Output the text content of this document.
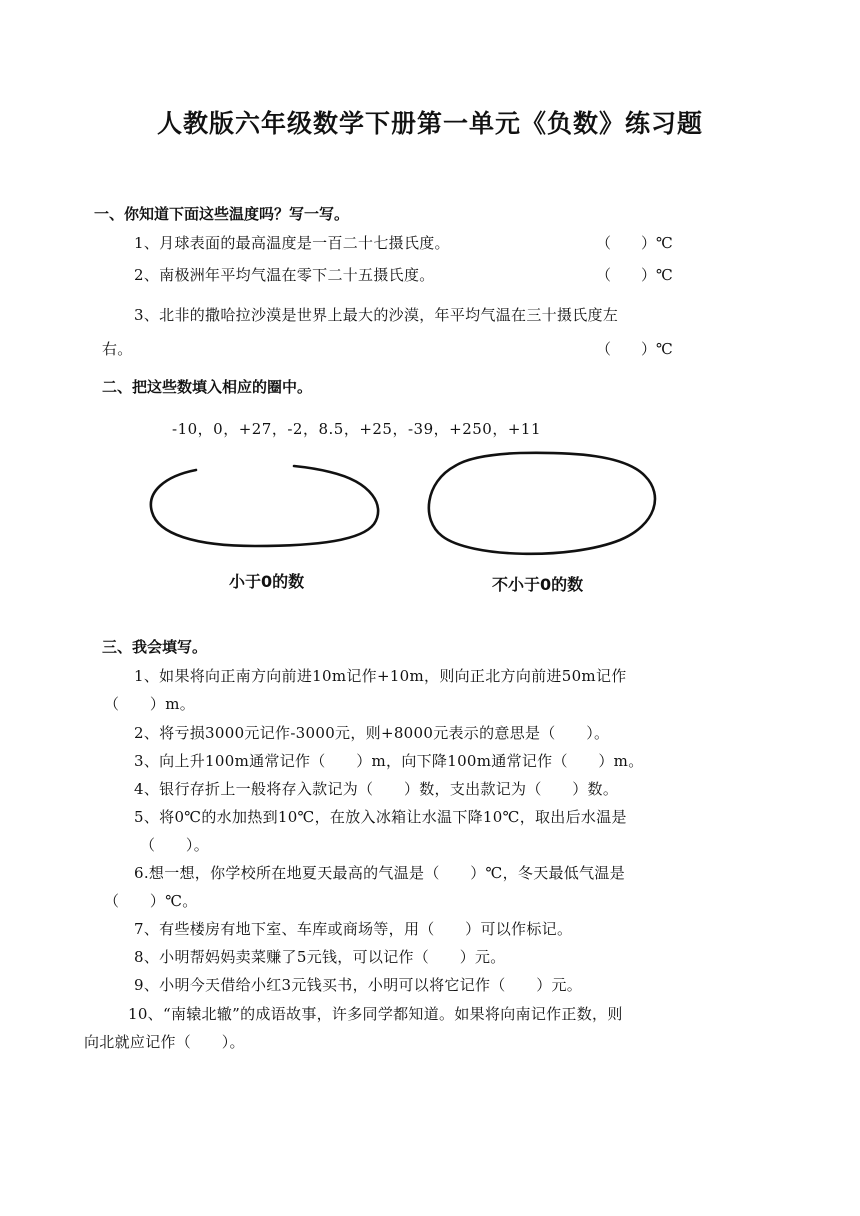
人教版六年级数学下册第一单元《负数》练习题
一、你知道下面这些温度吗？写一写。
1、月球表面的最高温度是一百二十七摄氏度。	（　　）℃
2、南极洲年平均气温在零下二十五摄氏度。	（　　）℃
3、北非的撒哈拉沙漠是世界上最大的沙漠，年平均气温在三十摄氏度左
右。	（　　）℃
二、把这些数填入相应的圈中。
-10，0，+27，-2，8.5，+25，-39，+250，+11
小于0的数	不小于0的数
三、我会填写。
1、如果将向正南方向前进10m记作+10m，则向正北方向前进50m记作
（　　）m。
2、将亏损3000元记作-3000元，则+8000元表示的意思是（　　）。
3、向上升100m通常记作（　　）m，向下降100m通常记作（　　）m。
4、银行存折上一般将存入款记为（　　）数，支出款记为（　　）数。
5、将0℃的水加热到10℃，在放入冰箱让水温下降10℃，取出后水温是
（　　）。
6.想一想，你学校所在地夏天最高的气温是（　　）℃，冬天最低气温是
（　　）℃。
7、有些楼房有地下室、车库或商场等，用（　　）可以作标记。
8、小明帮妈妈卖菜赚了5元钱，可以记作（　　）元。
9、小明今天借给小红3元钱买书，小明可以将它记作（　　）元。
10、“南辕北辙”的成语故事，许多同学都知道。如果将向南记作正数，则
向北就应记作（　　）。
